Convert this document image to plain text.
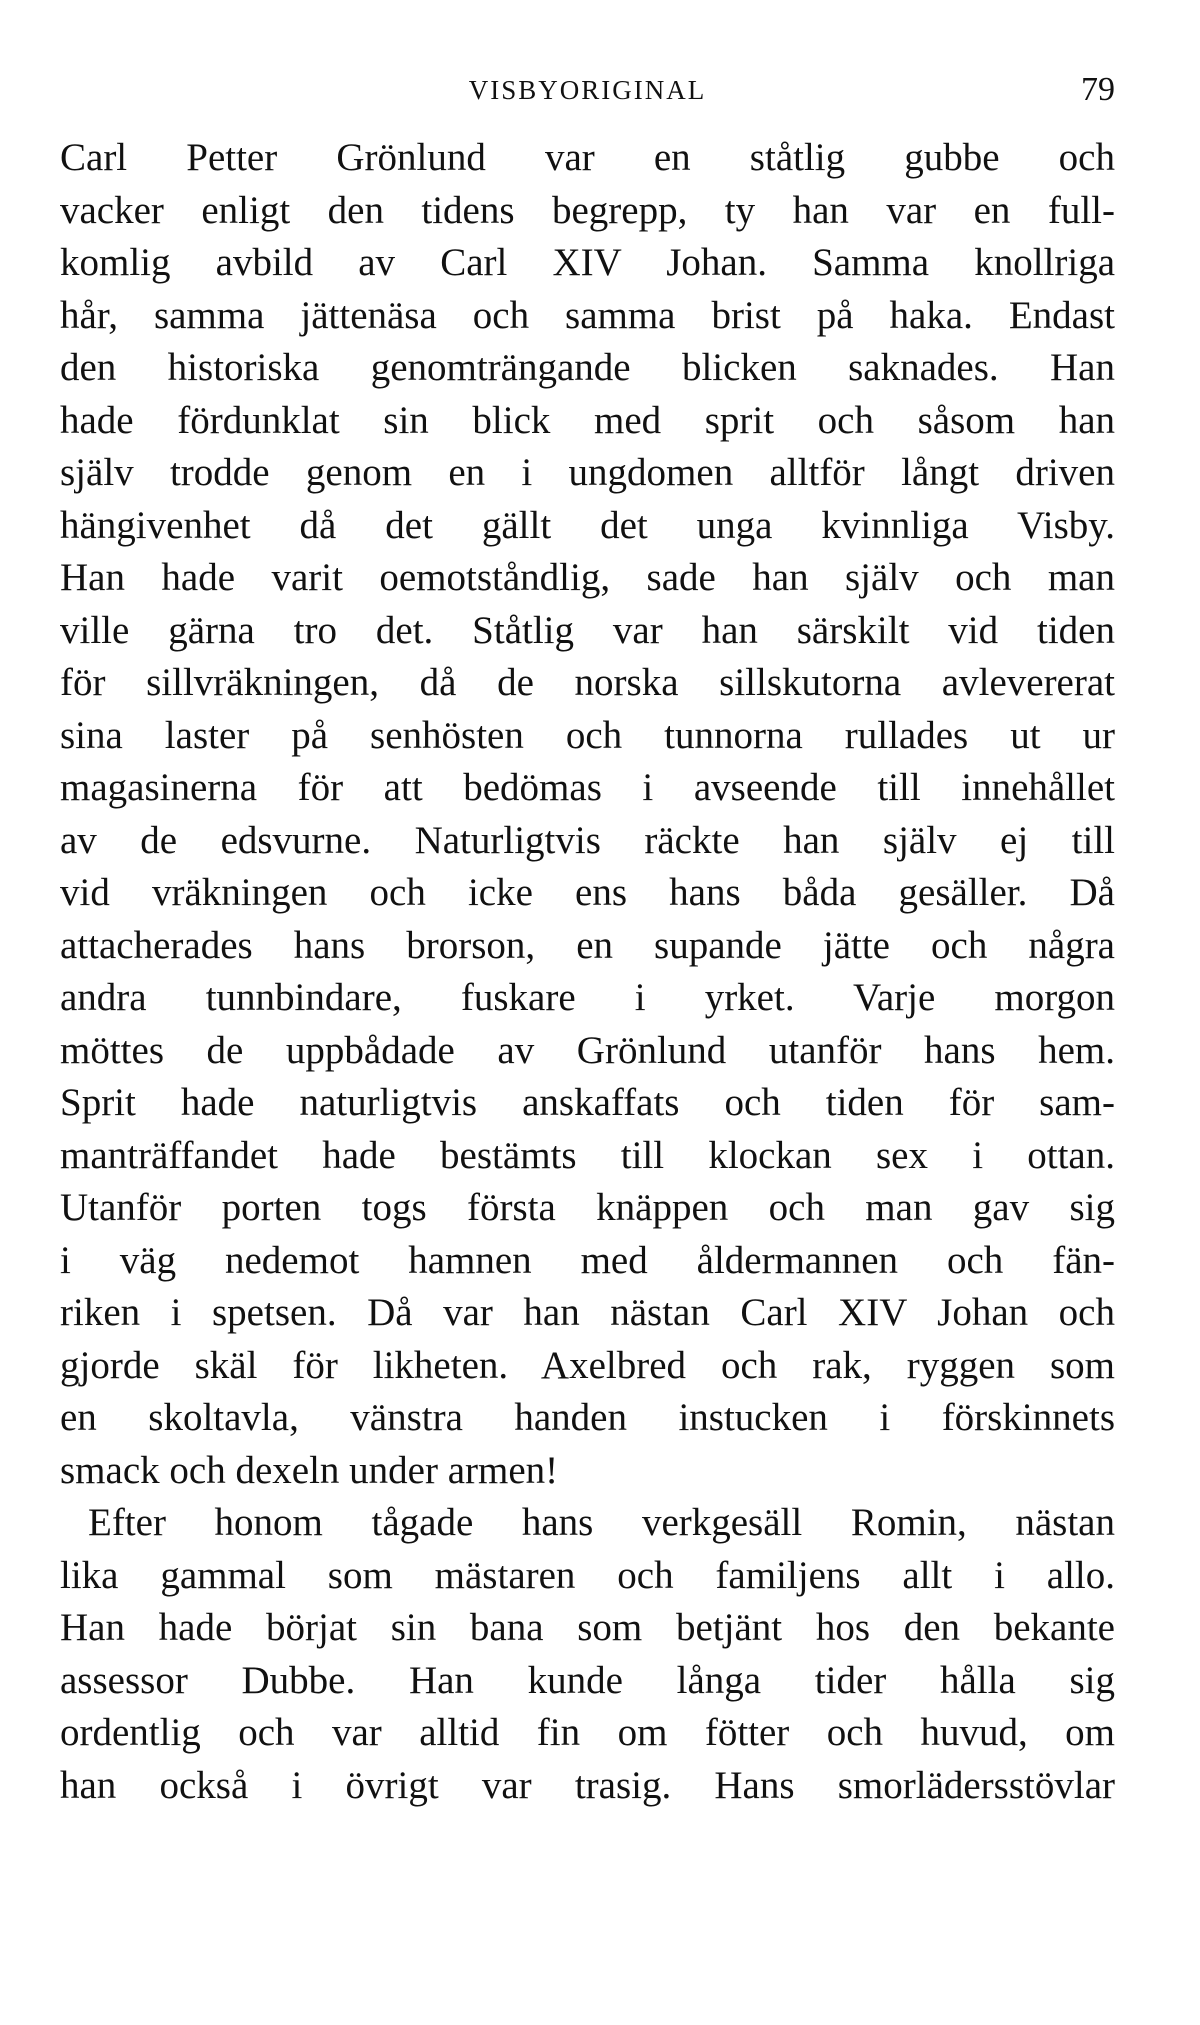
VISBYORIGINAL	79
Carl Petter Grönlund var en ståtlig gubbe och
vacker enligt den tidens begrepp, ty han var en full-
komlig avbild av Carl XIV Johan. Samma knollriga
hår, samma jättenäsa och samma brist på haka. Endast
den historiska genomträngande blicken saknades. Han
hade fördunklat sin blick med sprit och såsom han
själv trodde genom en i ungdomen alltför långt driven
hängivenhet då det gällt det unga kvinnliga Visby.
Han hade varit oemotståndlig, sade han själv och man
ville gärna tro det. Ståtlig var han särskilt vid tiden
för sillvräkningen, då de norska sillskutorna avlevererat
sina laster på senhösten och tunnorna rullades ut ur
magasinerna för att bedömas i avseende till innehållet
av de edsvurne. Naturligtvis räckte han själv ej till
vid vräkningen och icke ens hans båda gesäller. Då
attacherades hans brorson, en supande jätte och några
andra tunnbindare, fuskare i yrket. Varje morgon
möttes de uppbådade av Grönlund utanför hans hem.
Sprit hade naturligtvis anskaffats och tiden för sam-
manträffandet hade bestämts till klockan sex i ottan.
Utanför porten togs första knäppen och man gav sig
i väg nedemot hamnen med åldermannen och fän-
riken i spetsen. Då var han nästan Carl XIV Johan och
gjorde skäl för likheten. Axelbred och rak, ryggen som
en skoltavla, vänstra handen instucken i förskinnets
smack och dexeln under armen!
Efter honom tågade hans verkgesäll Romin, nästan
lika gammal som mästaren och familjens allt i allo.
Han hade börjat sin bana som betjänt hos den bekante
assessor Dubbe. Han kunde långa tider hålla sig
ordentlig och var alltid fin om fötter och huvud, om
han också i övrigt var trasig. Hans smorlädersstövlar
